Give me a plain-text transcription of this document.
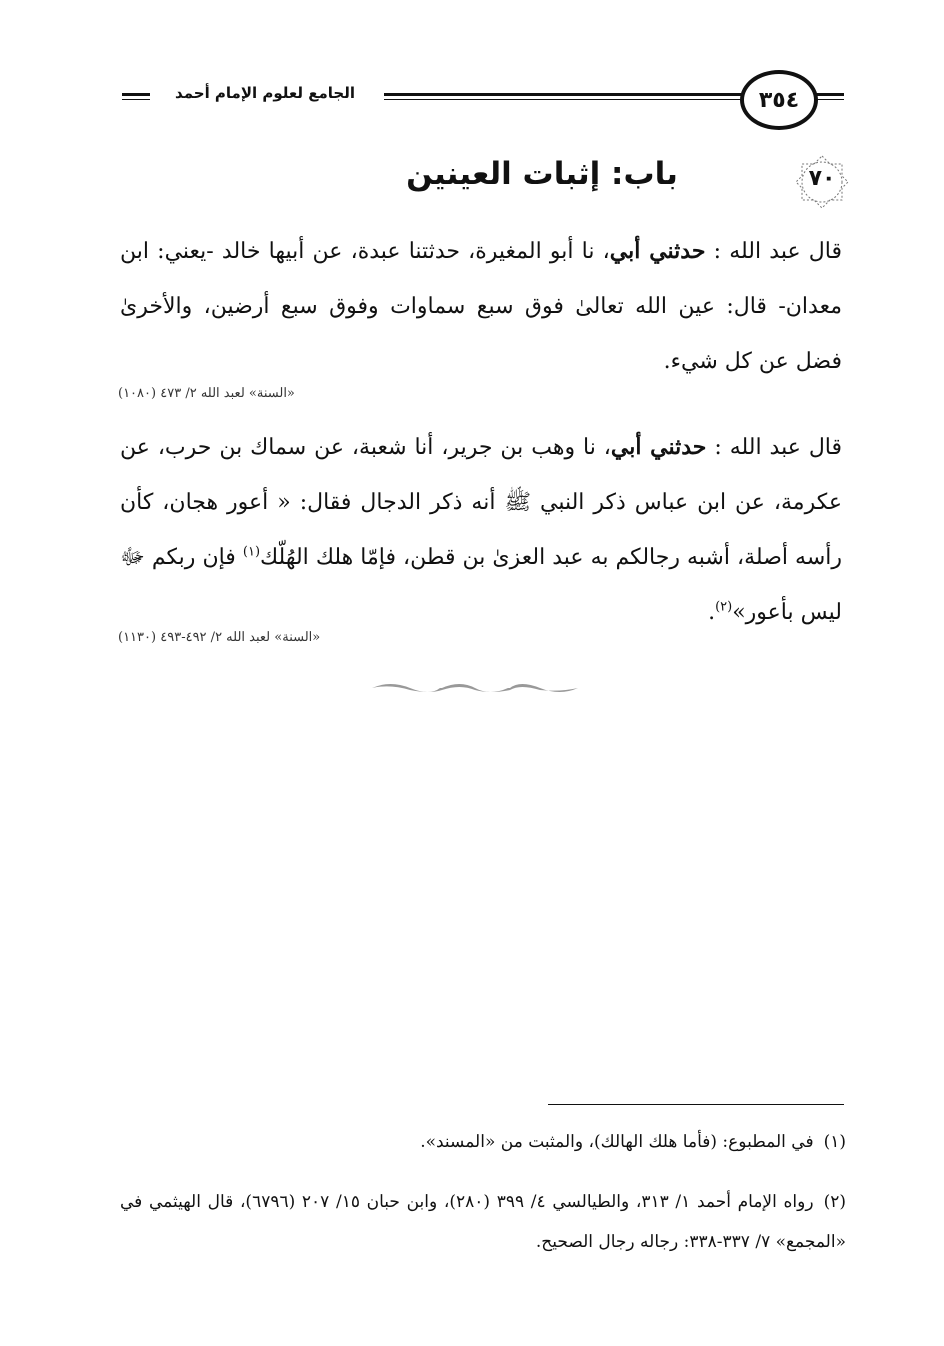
الجامع لعلوم الإمام أحمد	٣٥٤
٧٠
باب: إثبات العينين
قال عبد الله : حدثني أبي، نا أبو المغيرة، حدثتنا عبدة، عن أبيها خالد -يعني: ابن معدان- قال: عين الله تعالىٰ فوق سبع سماوات وفوق سبع أرضين، والأخرىٰ فضل عن كل شيء.
«السنة» لعبد الله ٢/ ٤٧٣ (١٠٨٠)
قال عبد الله : حدثني أبي، نا وهب بن جرير، أنا شعبة، عن سماك بن حرب، عن عكرمة، عن ابن عباس ذكر النبي ﷺ أنه ذكر الدجال فقال: « أعور هجان، كأن رأسه أصلة، أشبه رجالكم به عبد العزىٰ بن قطن، فإمّا هلك الهُلّك$^{(١)}$ فإن ربكم ﷻ ليس بأعور»$^{(٢)}$.
«السنة» لعبد الله ٢/ ٤٩٢-٤٩٣ (١١٣٠)
(١)في المطبوع: (فأما هلك الهالك)، والمثبت من «المسند».
(٢)رواه الإمام أحمد ١/ ٣١٣، والطيالسي ٤/ ٣٩٩ (٢٨٠)، وابن حبان ١٥/ ٢٠٧ (٦٧٩٦)، قال الهيثمي في «المجمع» ٧/ ٣٣٧-٣٣٨: رجاله رجال الصحيح.
